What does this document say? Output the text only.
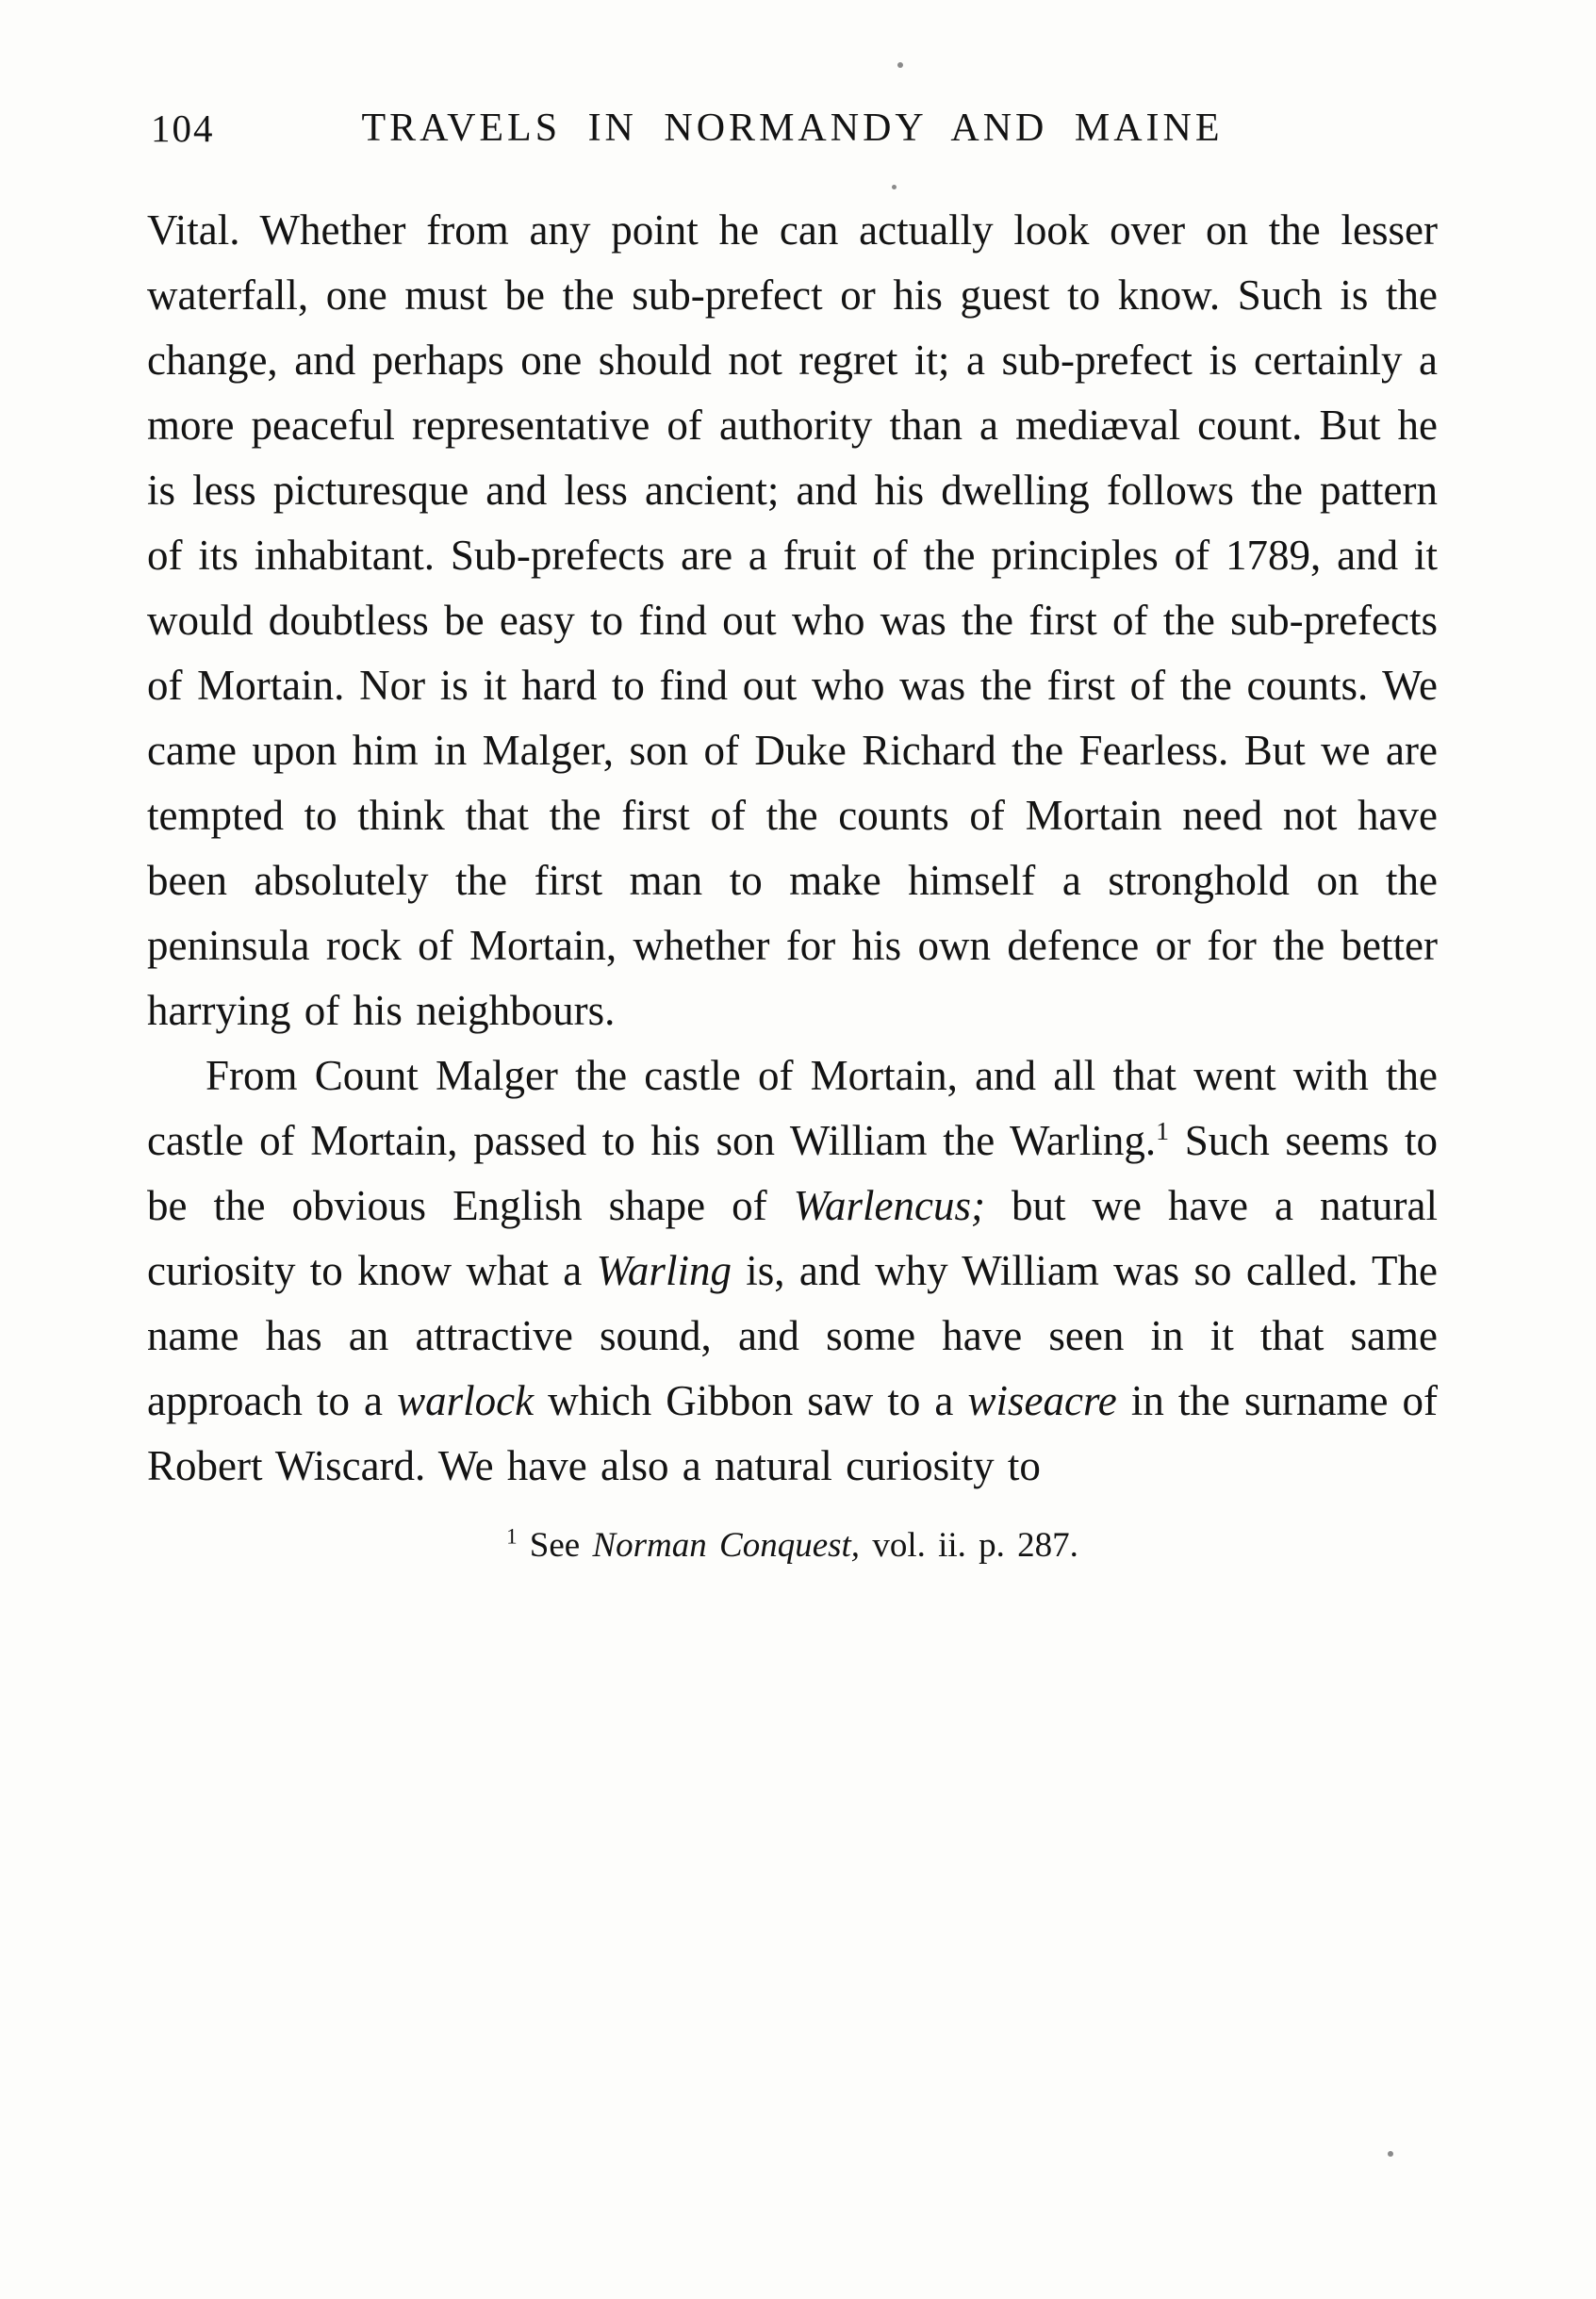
104	TRAVELS IN NORMANDY AND MAINE

Vital. Whether from any point he can actually look over on the lesser waterfall, one must be the sub-prefect or his guest to know. Such is the change, and perhaps one should not regret it; a sub-prefect is certainly a more peaceful representative of authority than a mediæval count. But he is less picturesque and less ancient; and his dwelling follows the pattern of its inhabitant. Sub-prefects are a fruit of the principles of 1789, and it would doubtless be easy to find out who was the first of the sub-prefects of Mortain. Nor is it hard to find out who was the first of the counts. We came upon him in Malger, son of Duke Richard the Fearless. But we are tempted to think that the first of the counts of Mortain need not have been absolutely the first man to make himself a stronghold on the peninsula rock of Mortain, whether for his own defence or for the better harrying of his neighbours.

From Count Malger the castle of Mortain, and all that went with the castle of Mortain, passed to his son William the Warling.$^1$ Such seems to be the obvious English shape of Warlencus; but we have a natural curiosity to know what a Warling is, and why William was so called. The name has an attractive sound, and some have seen in it that same approach to a warlock which Gibbon saw to a wiseacre in the surname of Robert Wiscard. We have also a natural curiosity to

$^1$ See Norman Conquest, vol. ii. p. 287.
